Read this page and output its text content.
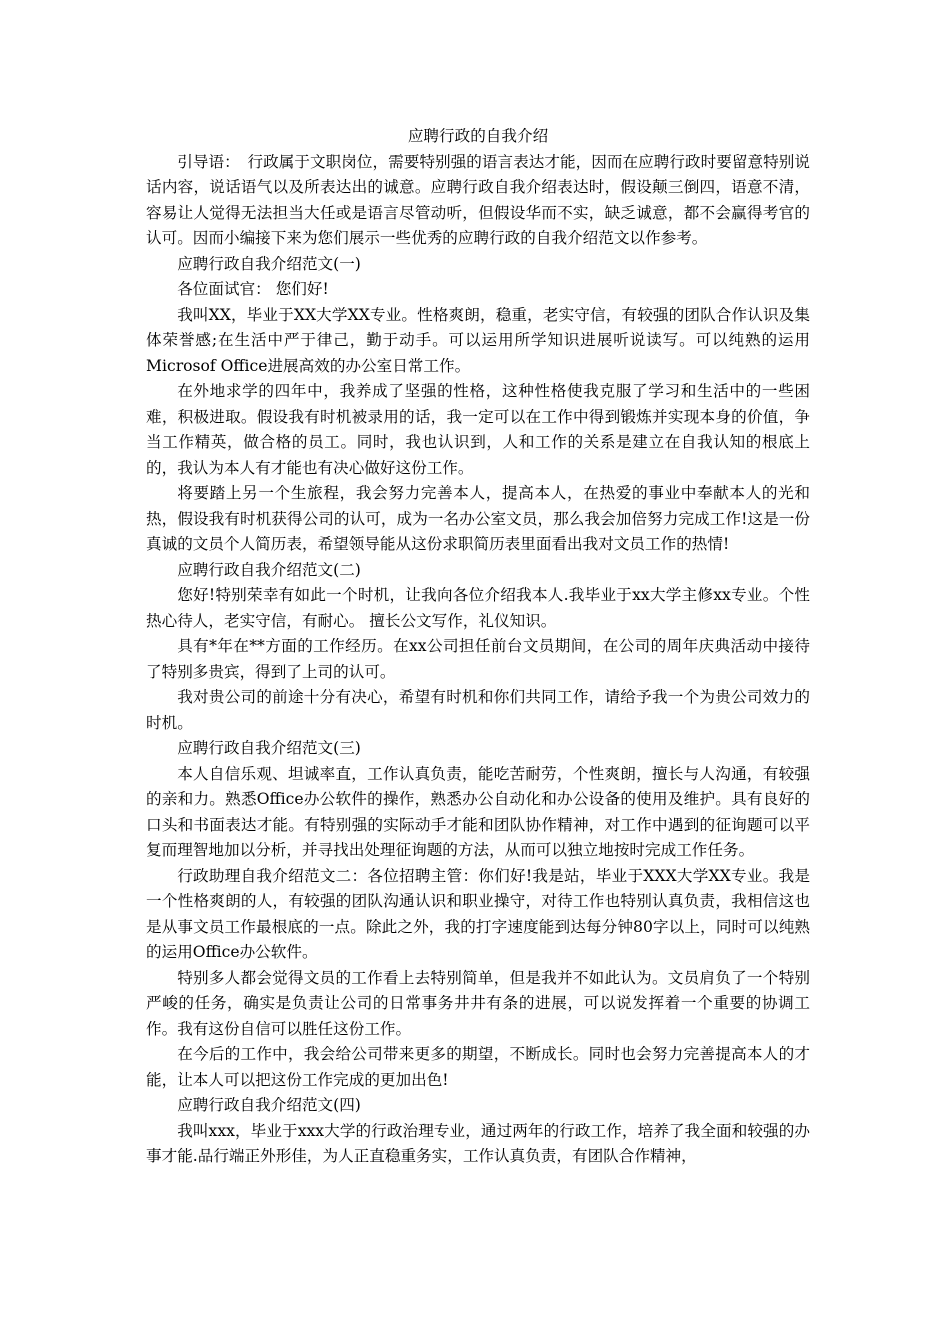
应聘行政的自我介绍

引导语：　行政属于文职岗位，需要特别强的语言表达才能，因而在应聘行政时要留意特别说话内容，说话语气以及所表达出的诚意。应聘行政自我介绍表达时，假设颠三倒四，语意不清，容易让人觉得无法担当大任或是语言尽管动听，但假设华而不实，缺乏诚意，都不会赢得考官的认可。因而小编接下来为您们展示一些优秀的应聘行政的自我介绍范文以作参考。

应聘行政自我介绍范文(一)

各位面试官： 您们好!

我叫XX，毕业于XX大学XX专业。性格爽朗，稳重，老实守信，有较强的团队合作认识及集体荣誉感;在生活中严于律己，勤于动手。可以运用所学知识进展听说读写。可以纯熟的运用Microsof Office进展高效的办公室日常工作。

在外地求学的四年中，我养成了坚强的性格，这种性格使我克服了学习和生活中的一些困难，积极进取。假设我有时机被录用的话，我一定可以在工作中得到锻炼并实现本身的价值，争当工作精英，做合格的员工。同时，我也认识到，人和工作的关系是建立在自我认知的根底上的，我认为本人有才能也有决心做好这份工作。

将要踏上另一个生旅程，我会努力完善本人，提高本人，在热爱的事业中奉献本人的光和热，假设我有时机获得公司的认可，成为一名办公室文员，那么我会加倍努力完成工作!这是一份真诚的文员个人简历表，希望领导能从这份求职简历表里面看出我对文员工作的热情!

应聘行政自我介绍范文(二)

您好!特别荣幸有如此一个时机，让我向各位介绍我本人.我毕业于xx大学主修xx专业。个性热心待人，老实守信，有耐心。 擅长公文写作，礼仪知识。

具有*年在**方面的工作经历。在xx公司担任前台文员期间，在公司的周年庆典活动中接待了特别多贵宾，得到了上司的认可。

我对贵公司的前途十分有决心，希望有时机和你们共同工作，请给予我一个为贵公司效力的时机。

应聘行政自我介绍范文(三)

本人自信乐观、坦诚率直，工作认真负责，能吃苦耐劳，个性爽朗，擅长与人沟通，有较强的亲和力。熟悉Office办公软件的操作，熟悉办公自动化和办公设备的使用及维护。具有良好的口头和书面表达才能。有特别强的实际动手才能和团队协作精神，对工作中遇到的征询题可以平复而理智地加以分析，并寻找出处理征询题的方法，从而可以独立地按时完成工作任务。

行政助理自我介绍范文二：各位招聘主管：你们好!我是站，毕业于XXX大学XX专业。我是一个性格爽朗的人，有较强的团队沟通认识和职业操守，对待工作也特别认真负责，我相信这也是从事文员工作最根底的一点。除此之外，我的打字速度能到达每分钟80字以上，同时可以纯熟的运用Office办公软件。

特别多人都会觉得文员的工作看上去特别简单，但是我并不如此认为。文员肩负了一个特别严峻的任务，确实是负责让公司的日常事务井井有条的进展，可以说发挥着一个重要的协调工作。我有这份自信可以胜任这份工作。

在今后的工作中，我会给公司带来更多的期望，不断成长。同时也会努力完善提高本人的才能，让本人可以把这份工作完成的更加出色!

应聘行政自我介绍范文(四)

我叫xxx，毕业于xxx大学的行政治理专业，通过两年的行政工作，培养了我全面和较强的办事才能.品行端正外形佳，为人正直稳重务实，工作认真负责，有团队合作精神，
